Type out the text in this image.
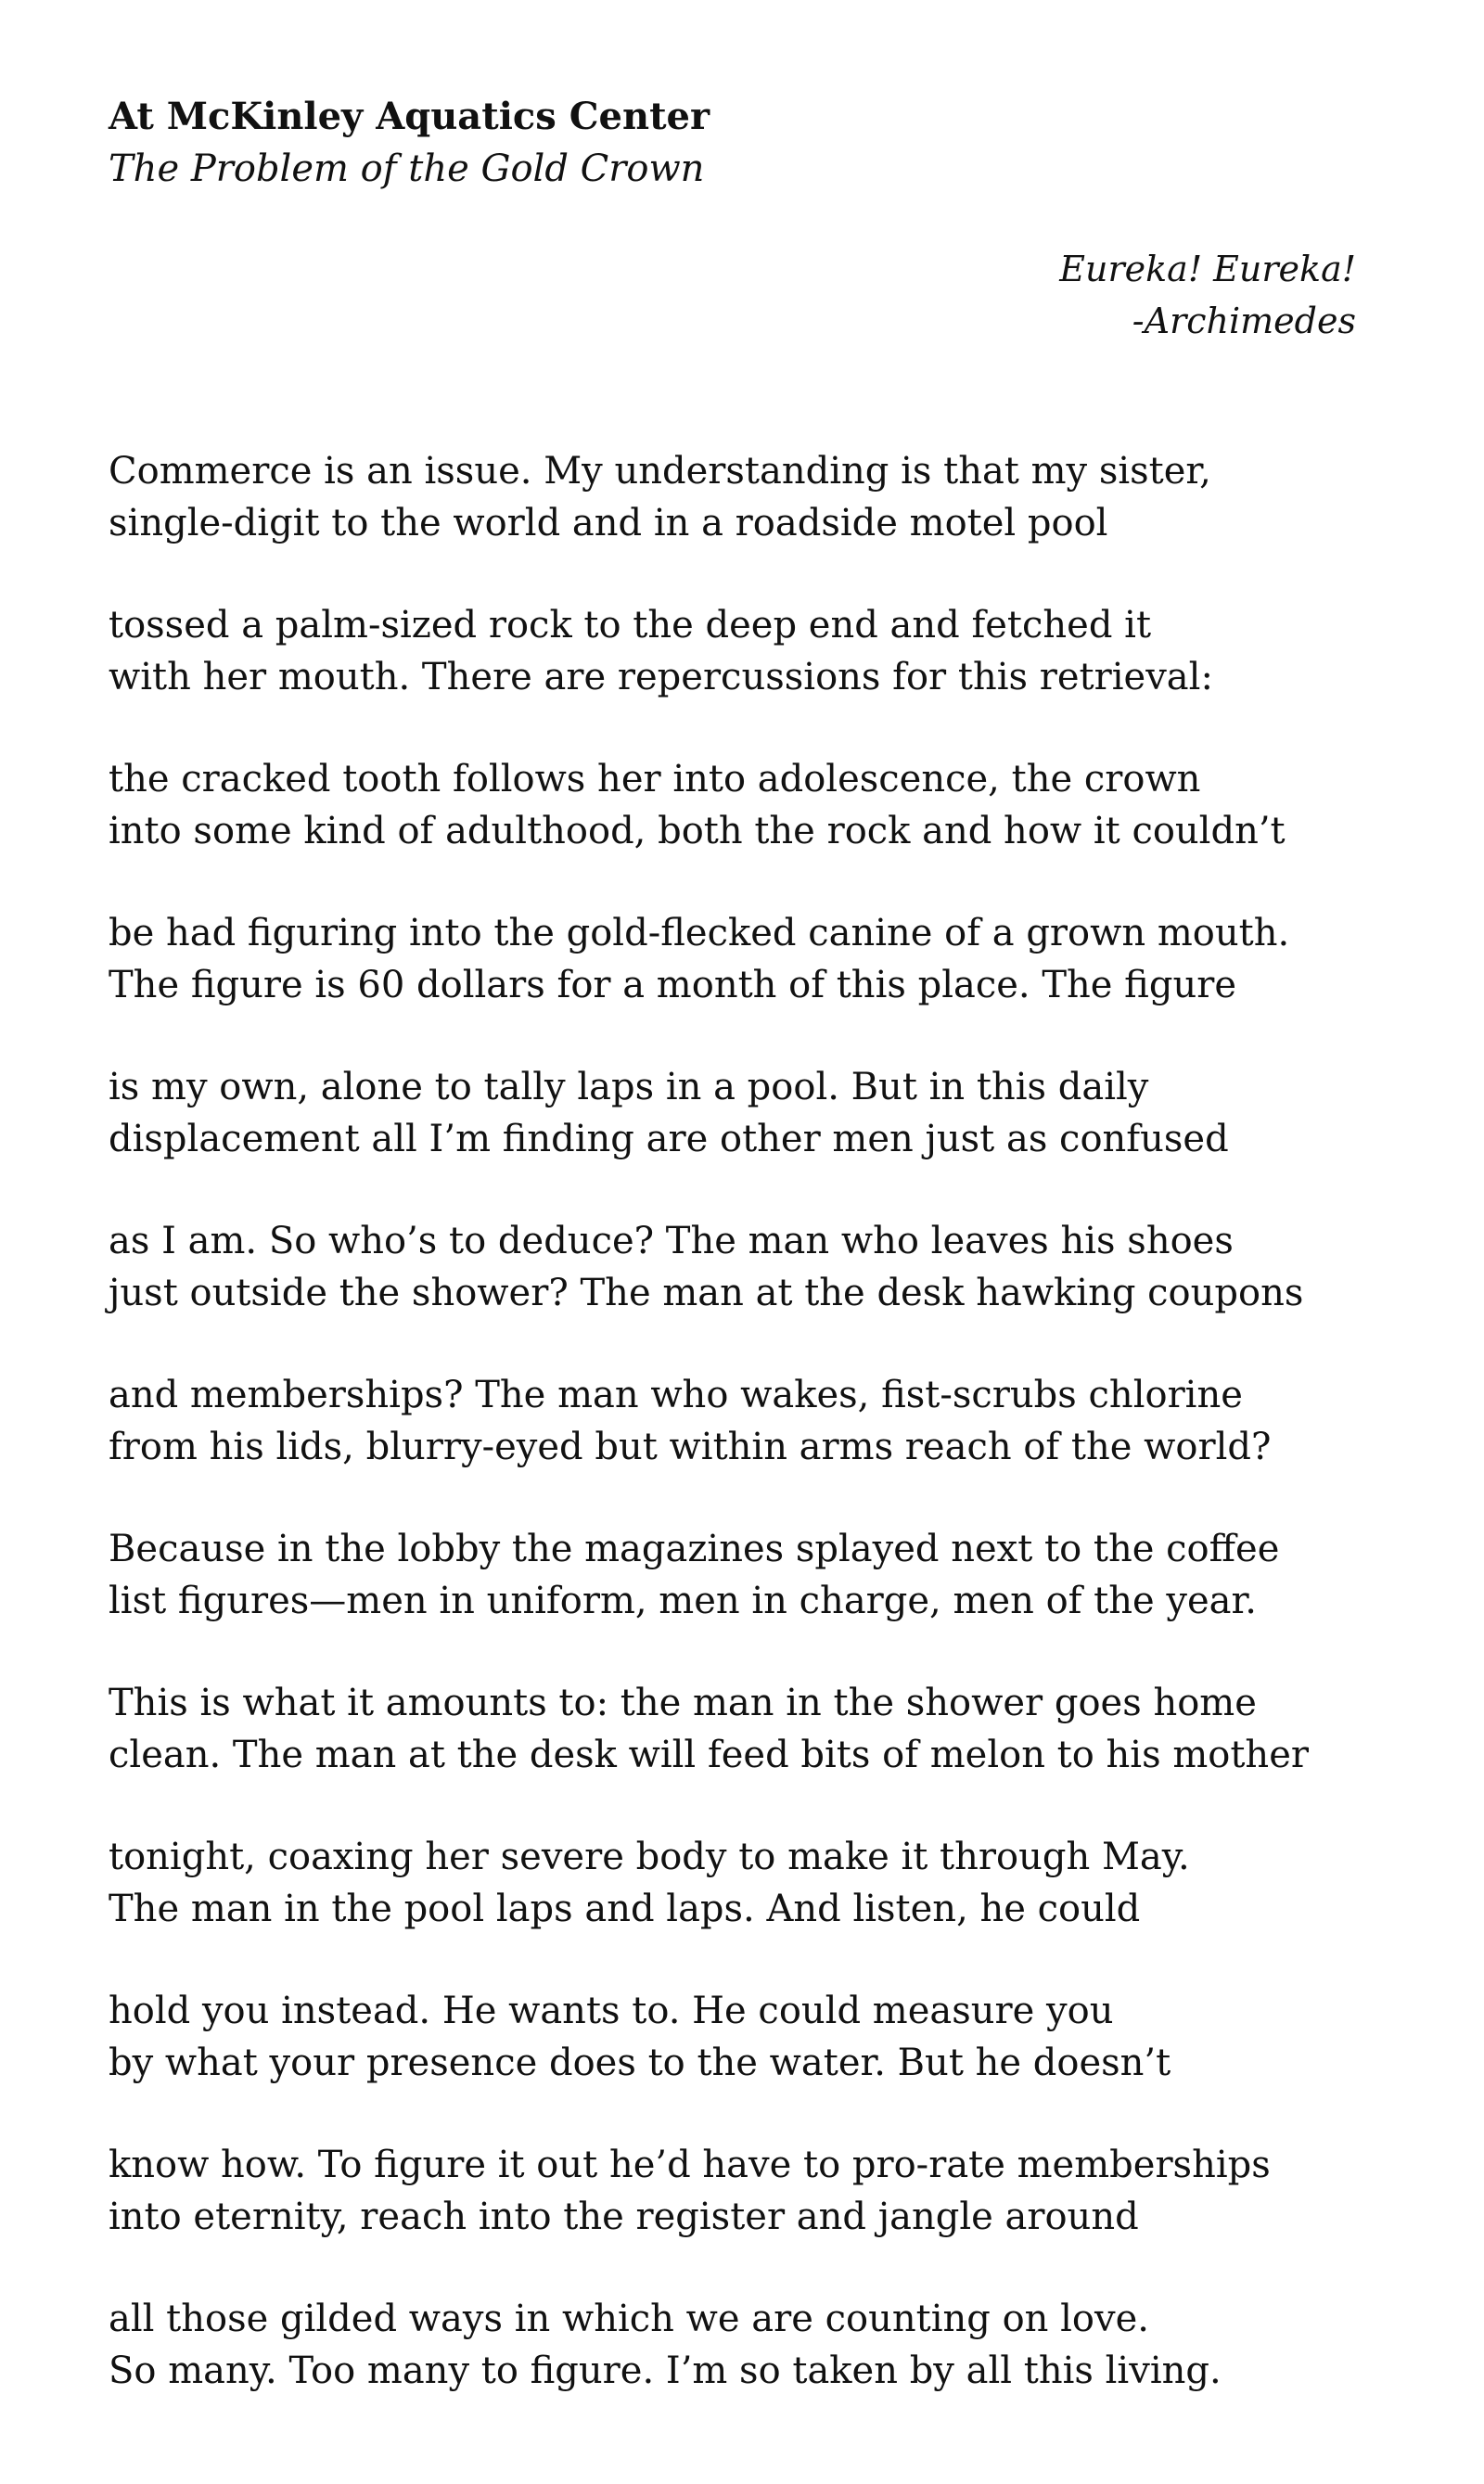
At McKinley Aquatics Center
The Problem of the Gold Crown
Eureka! Eureka!
-Archimedes
Commerce is an issue. My understanding is that my sister,
single-digit to the world and in a roadside motel pool
tossed a palm-sized rock to the deep end and fetched it
with her mouth. There are repercussions for this retrieval:
the cracked tooth follows her into adolescence, the crown
into some kind of adulthood, both the rock and how it couldn’t
be had figuring into the gold-flecked canine of a grown mouth.
The figure is 60 dollars for a month of this place. The figure
is my own, alone to tally laps in a pool. But in this daily
displacement all I’m finding are other men just as confused
as I am. So who’s to deduce? The man who leaves his shoes
just outside the shower? The man at the desk hawking coupons
and memberships? The man who wakes, fist-scrubs chlorine
from his lids, blurry-eyed but within arms reach of the world?
Because in the lobby the magazines splayed next to the coffee
list figures—men in uniform, men in charge, men of the year.
This is what it amounts to: the man in the shower goes home
clean. The man at the desk will feed bits of melon to his mother
tonight, coaxing her severe body to make it through May.
The man in the pool laps and laps. And listen, he could
hold you instead. He wants to. He could measure you
by what your presence does to the water. But he doesn’t
know how. To figure it out he’d have to pro-rate memberships
into eternity, reach into the register and jangle around
all those gilded ways in which we are counting on love.
So many. Too many to figure. I’m so taken by all this living.
